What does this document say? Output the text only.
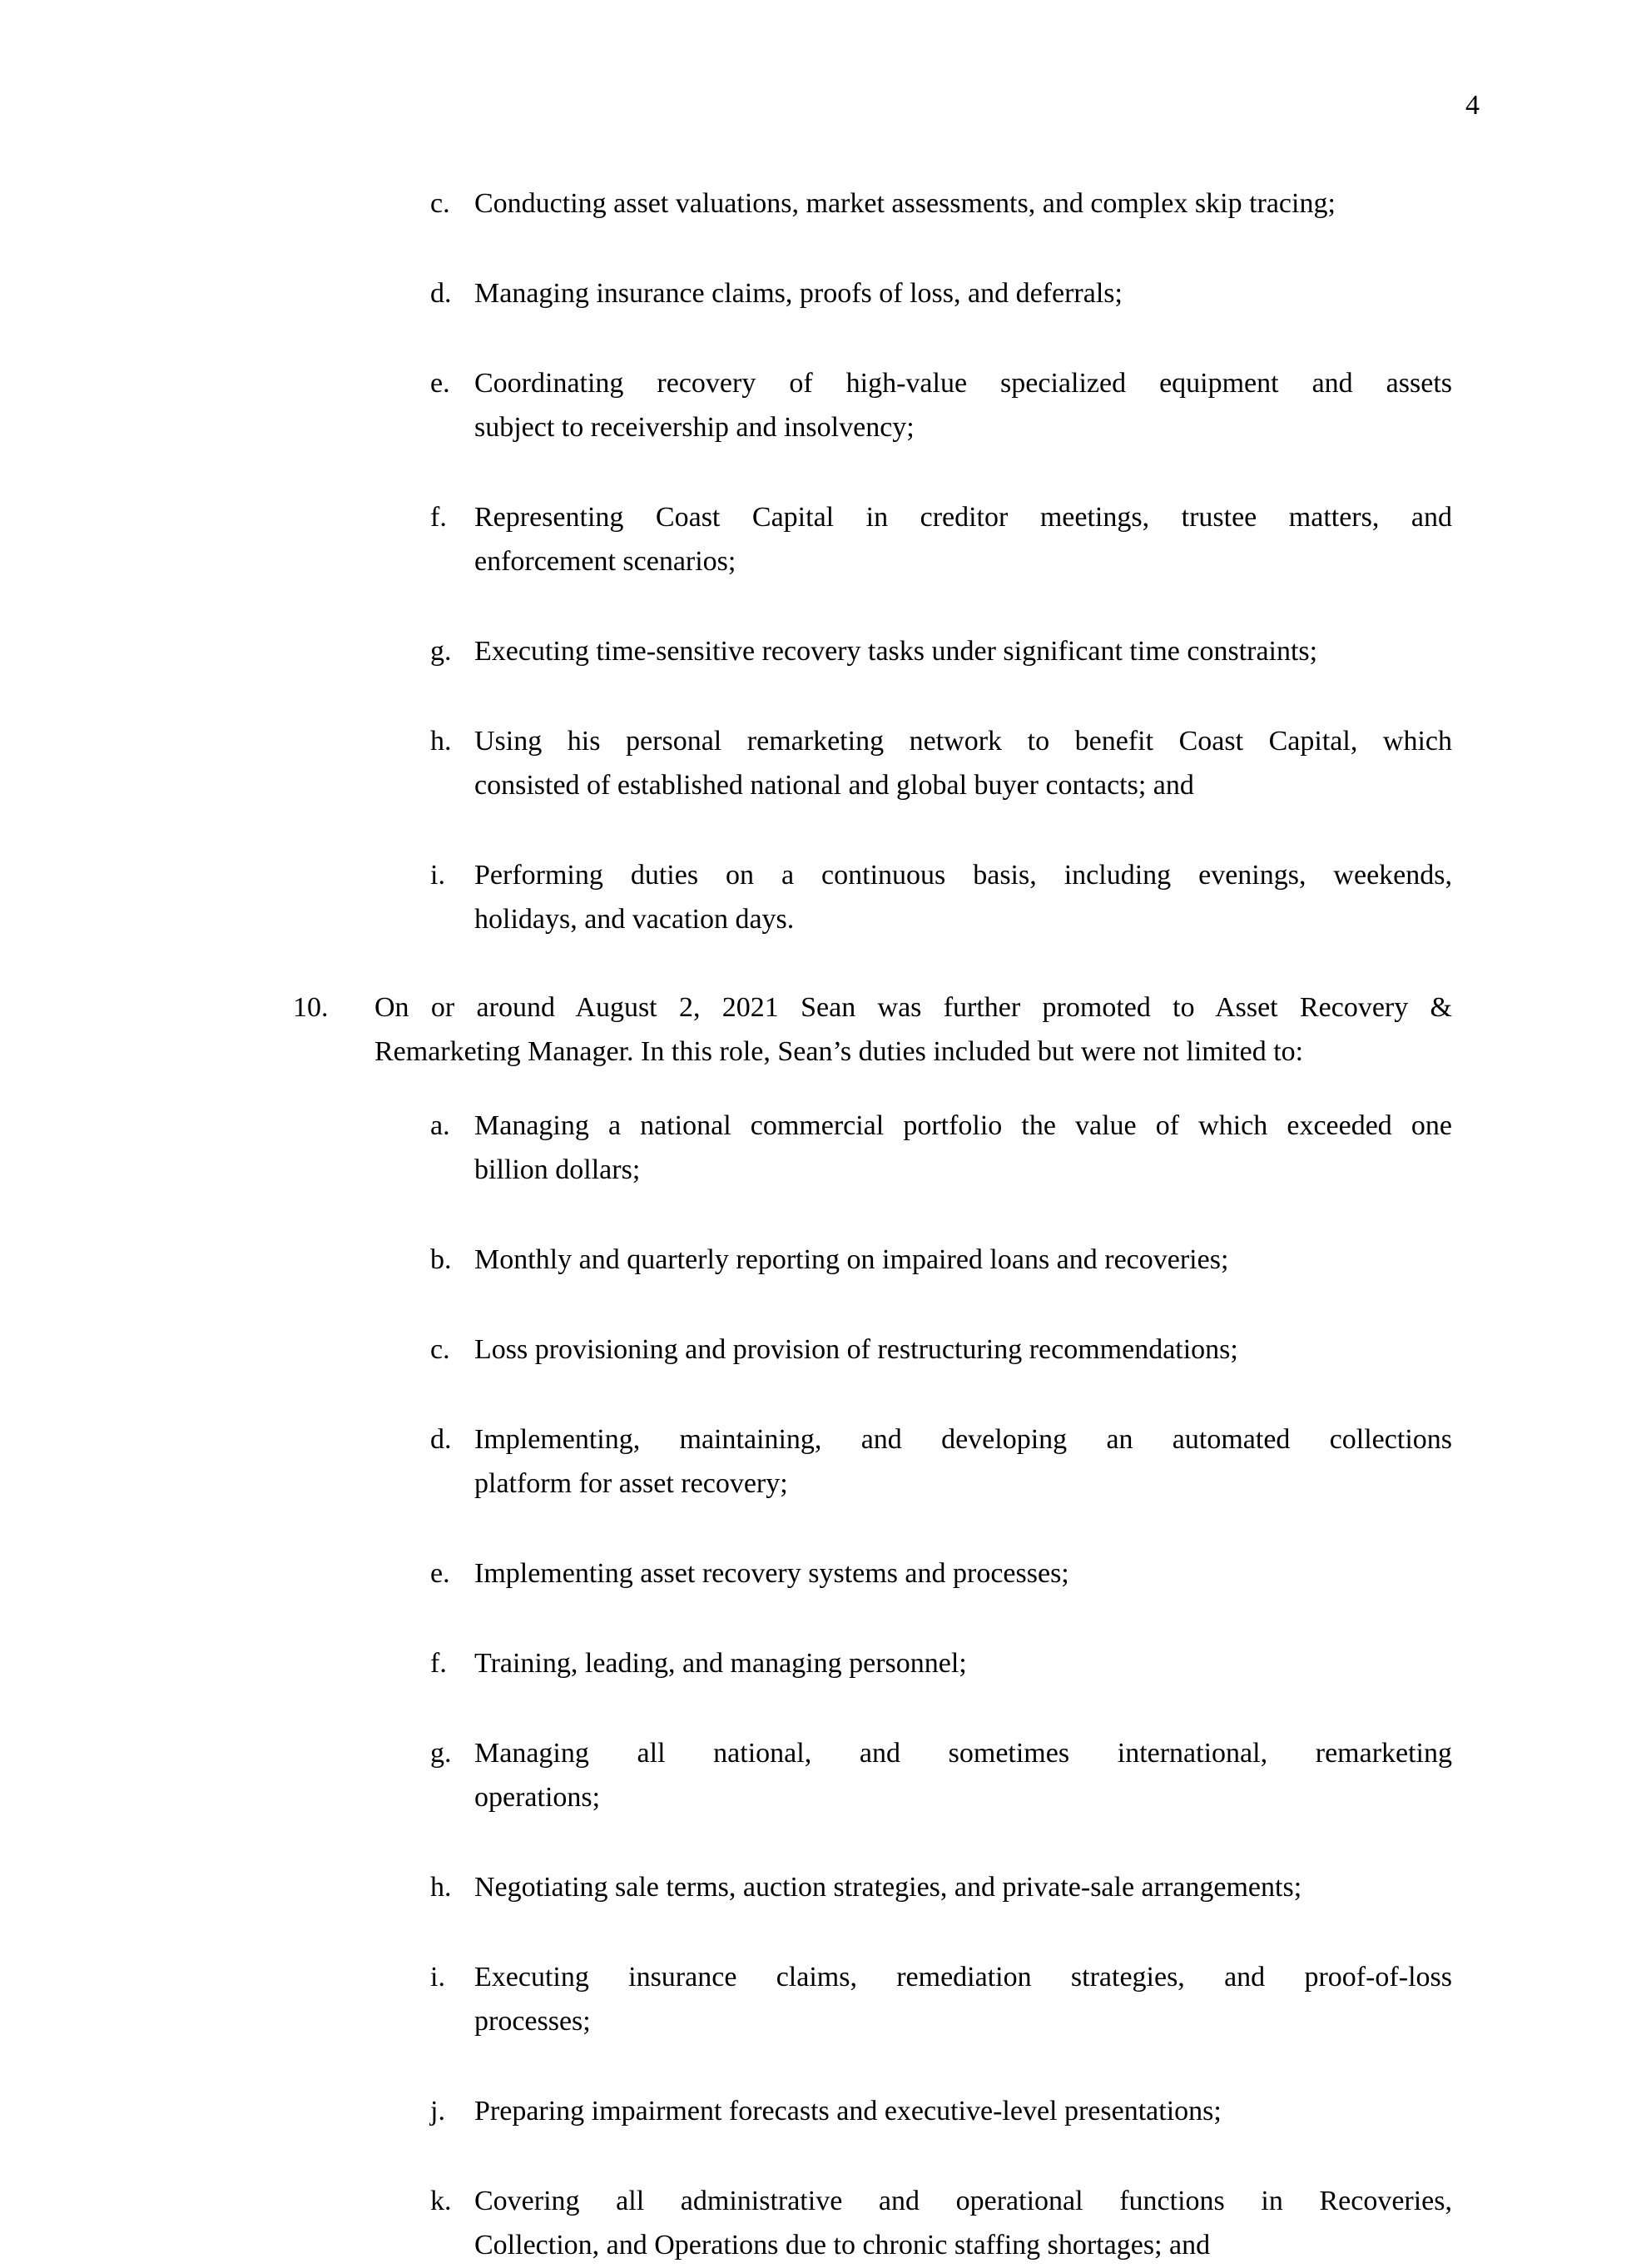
4
c. Conducting asset valuations, market assessments, and complex skip tracing;
d. Managing insurance claims, proofs of loss, and deferrals;
e. Coordinating recovery of high-value specialized equipment and assets
subject to receivership and insolvency;
f. Representing Coast Capital in creditor meetings, trustee matters, and
enforcement scenarios;
g. Executing time-sensitive recovery tasks under significant time constraints;
h. Using his personal remarketing network to benefit Coast Capital, which
consisted of established national and global buyer contacts; and
i.	Performing duties on a continuous basis, including evenings, weekends,
holidays, and vacation days.
10.	On or around August 2, 2021 Sean was further promoted to Asset Recovery &
Remarketing Manager. In this role, Sean’s duties included but were not limited to:
a. Managing a national commercial portfolio the value of which exceeded one
billion dollars;
b. Monthly and quarterly reporting on impaired loans and recoveries;
c. Loss provisioning and provision of restructuring recommendations;
d. Implementing, maintaining, and developing an automated collections
platform for asset recovery;
e. Implementing asset recovery systems and processes;
f. Training, leading, and managing personnel;
g. Managing all national, and sometimes international, remarketing
operations;
h. Negotiating sale terms, auction strategies, and private-sale arrangements;
i.	Executing insurance claims, remediation strategies, and proof-of-loss
processes;
j.	Preparing impairment forecasts and executive-level presentations;
k. Covering all administrative and operational functions in Recoveries,
Collection, and Operations due to chronic staffing shortages; and
